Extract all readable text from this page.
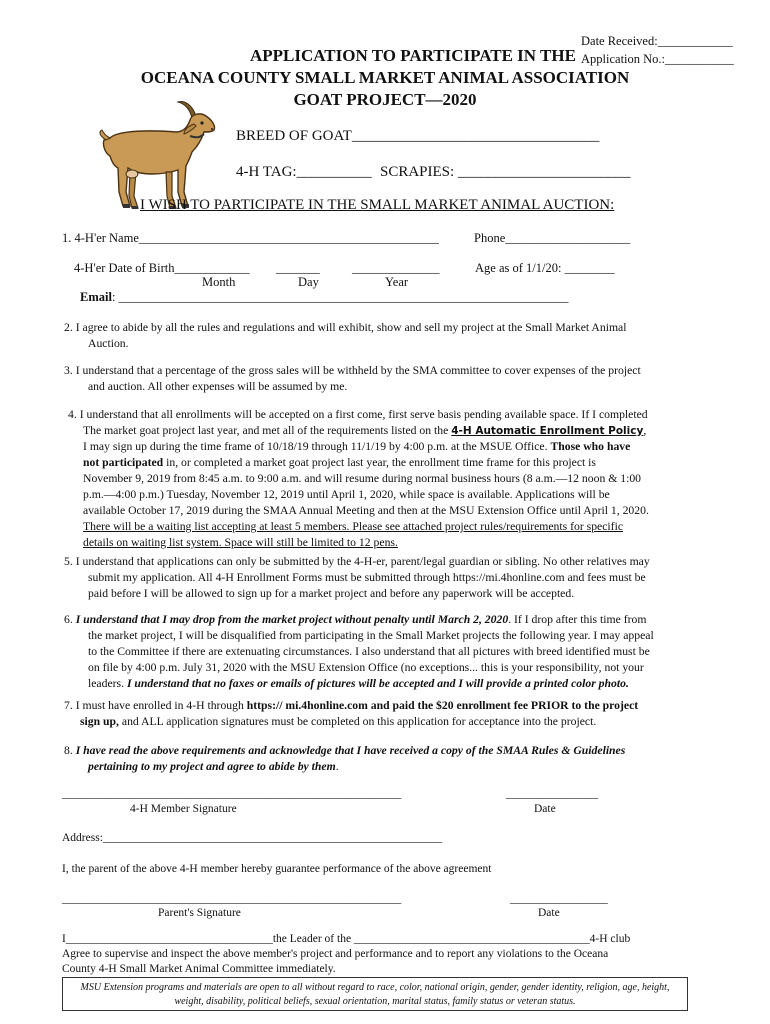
Date Received:____________
Application No.:___________
APPLICATION TO PARTICIPATE IN THE
OCEANA COUNTY SMALL MARKET ANIMAL ASSOCIATION
GOAT PROJECT—2020
BREED OF GOAT_________________________________
4-H TAG:__________ SCRAPIES: _______________________
I WISH TO PARTICIPATE IN THE SMALL MARKET ANIMAL AUCTION:
1. 4-H'er Name________________________________________________	Phone____________________
4-H'er Date of Birth____________ _______	______________	Age as of 1/1/20: ________
Month	Day	Year
Email: ________________________________________________________________________
2. I agree to abide by all the rules and regulations and will exhibit, show and sell my project at the Small Market Animal
Auction.
3. I understand that a percentage of the gross sales will be withheld by the SMA committee to cover expenses of the project
and auction. All other expenses will be assumed by me.
4. I understand that all enrollments will be accepted on a first come, first serve basis pending available space. If I completed
The market goat project last year, and met all of the requirements listed on the 4-H Automatic Enrollment Policy,
I may sign up during the time frame of 10/18/19 through 11/1/19 by 4:00 p.m. at the MSUE Office. Those who have
not participated in, or completed a market goat project last year, the enrollment time frame for this project is
November 9, 2019 from 8:45 a.m. to 9:00 a.m. and will resume during normal business hours (8 a.m.—12 noon & 1:00
p.m.—4:00 p.m.) Tuesday, November 12, 2019 until April 1, 2020, while space is available. Applications will be
available October 17, 2019 during the SMAA Annual Meeting and then at the MSU Extension Office until April 1, 2020.
There will be a waiting list accepting at least 5 members. Please see attached project rules/requirements for specific
details on waiting list system. Space will still be limited to 12 pens.
5. I understand that applications can only be submitted by the 4-H-er, parent/legal guardian or sibling. No other relatives may
submit my application. All 4-H Enrollment Forms must be submitted through https://mi.4honline.com and fees must be
paid before I will be allowed to sign up for a market project and before any paperwork will be accepted.
6. I understand that I may drop from the market project without penalty until March 2, 2020. If I drop after this time from
the market project, I will be disqualified from participating in the Small Market projects the following year. I may appeal
to the Committee if there are extenuating circumstances. I also understand that all pictures with breed identified must be
on file by 4:00 p.m. July 31, 2020 with the MSU Extension Office (no exceptions... this is your responsibility, not your
leaders. I understand that no faxes or emails of pictures will be accepted and I will provide a printed color photo.
7. I must have enrolled in 4-H through https:// mi.4honline.com and paid the $20 enrollment fee PRIOR to the project
sign up, and ALL application signatures must be completed on this application for acceptance into the project.
8. I have read the above requirements and acknowledge that I have received a copy of the SMAA Rules & Guidelines
pertaining to my project and agree to abide by them.
___________________________________________________________
4-H Member Signature
________________
Date
Address:___________________________________________________________
I, the parent of the above 4-H member hereby guarantee performance of the above agreement
___________________________________________________________
Parent's Signature
_________________
Date
I____________________________________the Leader of the _________________________________________4-H club
Agree to supervise and inspect the above member's project and performance and to report any violations to the Oceana
County 4-H Small Market Animal Committee immediately.
MSU Extension programs and materials are open to all without regard to race, color, national origin, gender, gender identity, religion, age, height,
weight, disability, political beliefs, sexual orientation, marital status, family status or veteran status.
